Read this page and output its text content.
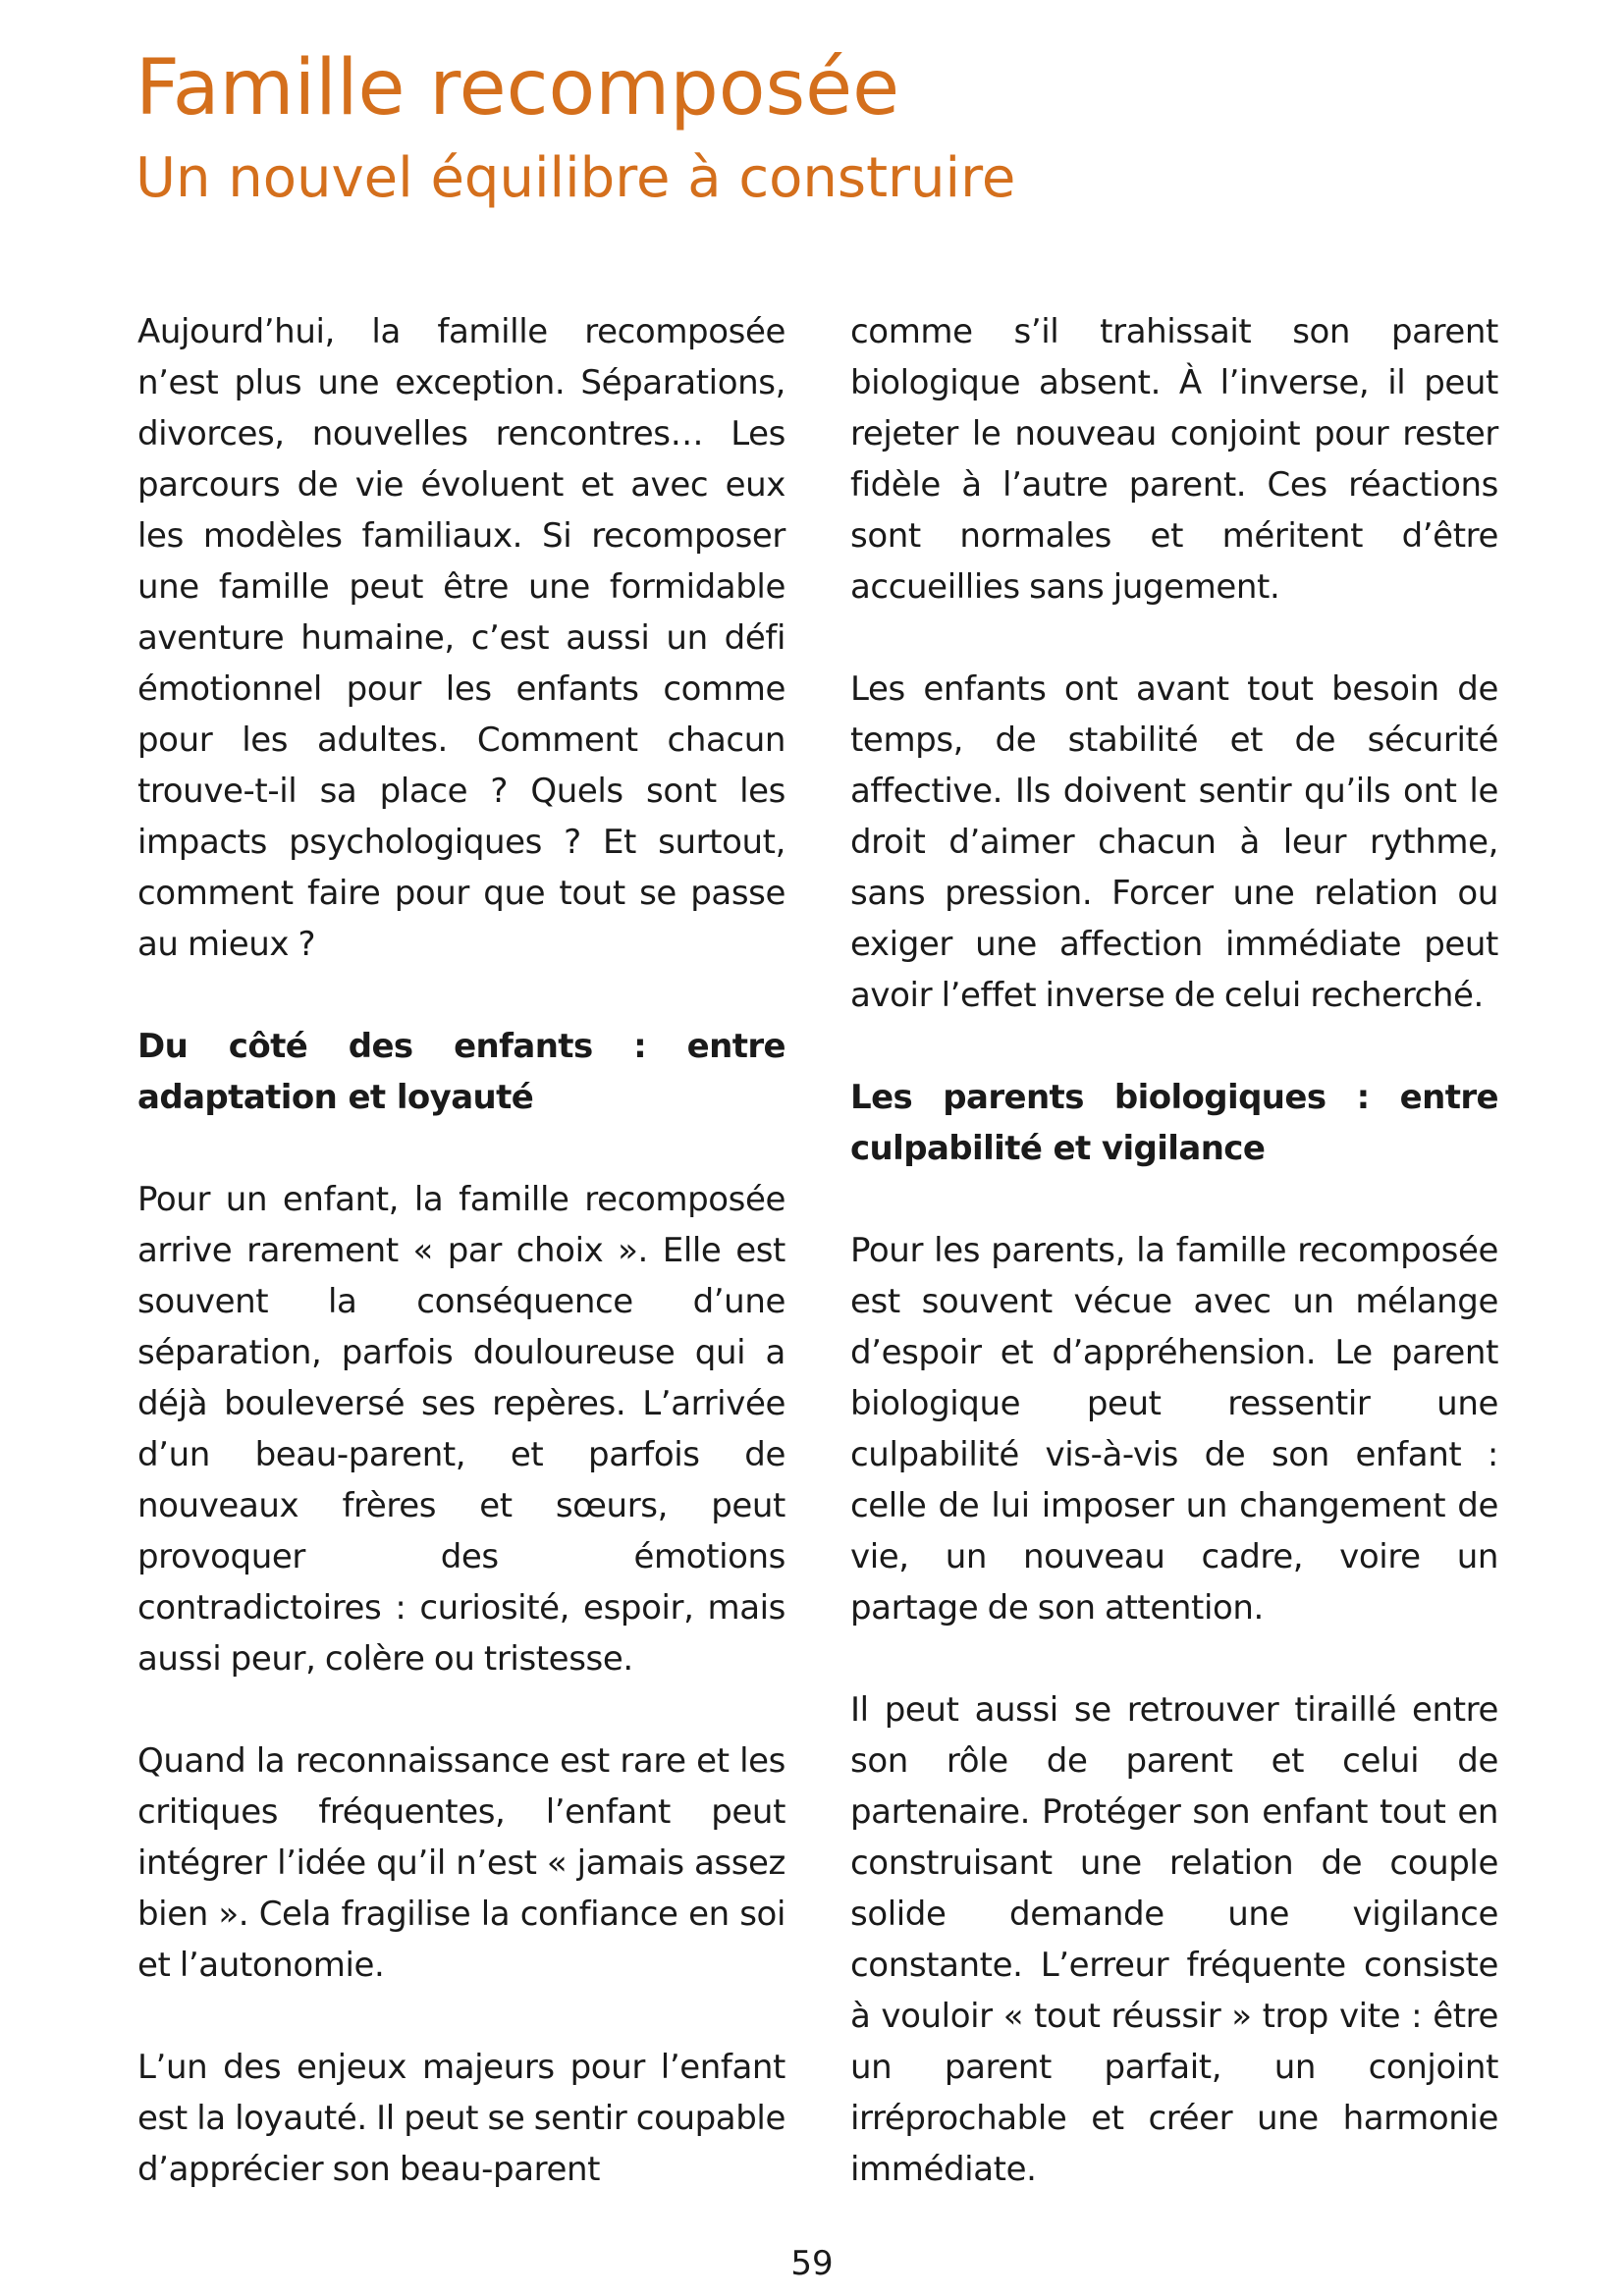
Famille recomposée
Un nouvel équilibre à construire

Aujourd’hui, la famille recomposée n’est plus une exception. Séparations, divorces, nouvelles rencontres… Les parcours de vie évoluent et avec eux les modèles familiaux. Si recomposer une famille peut être une formidable aventure humaine, c’est aussi un défi émotionnel pour les enfants comme pour les adultes. Comment chacun trouve-t-il sa place ? Quels sont les impacts psychologiques ? Et surtout, comment faire pour que tout se passe au mieux ?

Du côté des enfants : entre adaptation et loyauté

Pour un enfant, la famille recomposée arrive rarement « par choix ». Elle est souvent la conséquence d’une séparation, parfois douloureuse qui a déjà bouleversé ses repères. L’arrivée d’un beau-parent, et parfois de nouveaux frères et sœurs, peut provoquer des émotions contradictoires : curiosité, espoir, mais aussi peur, colère ou tristesse.

Quand la reconnaissance est rare et les critiques fréquentes, l’enfant peut intégrer l’idée qu’il n’est « jamais assez bien ». Cela fragilise la confiance en soi et l’autonomie.

L’un des enjeux majeurs pour l’enfant est la loyauté. Il peut se sentir coupable d’apprécier son beau-parent

comme s’il trahissait son parent biologique absent. À l’inverse, il peut rejeter le nouveau conjoint pour rester fidèle à l’autre parent. Ces réactions sont normales et méritent d’être accueillies sans jugement.

Les enfants ont avant tout besoin de temps, de stabilité et de sécurité affective. Ils doivent sentir qu’ils ont le droit d’aimer chacun à leur rythme, sans pression. Forcer une relation ou exiger une affection immédiate peut avoir l’effet inverse de celui recherché.

Les parents biologiques : entre culpabilité et vigilance

Pour les parents, la famille recomposée est souvent vécue avec un mélange d’espoir et d’appréhension. Le parent biologique peut ressentir une culpabilité vis-à-vis de son enfant : celle de lui imposer un changement de vie, un nouveau cadre, voire un partage de son attention.

Il peut aussi se retrouver tiraillé entre son rôle de parent et celui de partenaire. Protéger son enfant tout en construisant une relation de couple solide demande une vigilance constante. L’erreur fréquente consiste à vouloir « tout réussir » trop vite : être un parent parfait, un conjoint irréprochable et créer une harmonie immédiate.

59
